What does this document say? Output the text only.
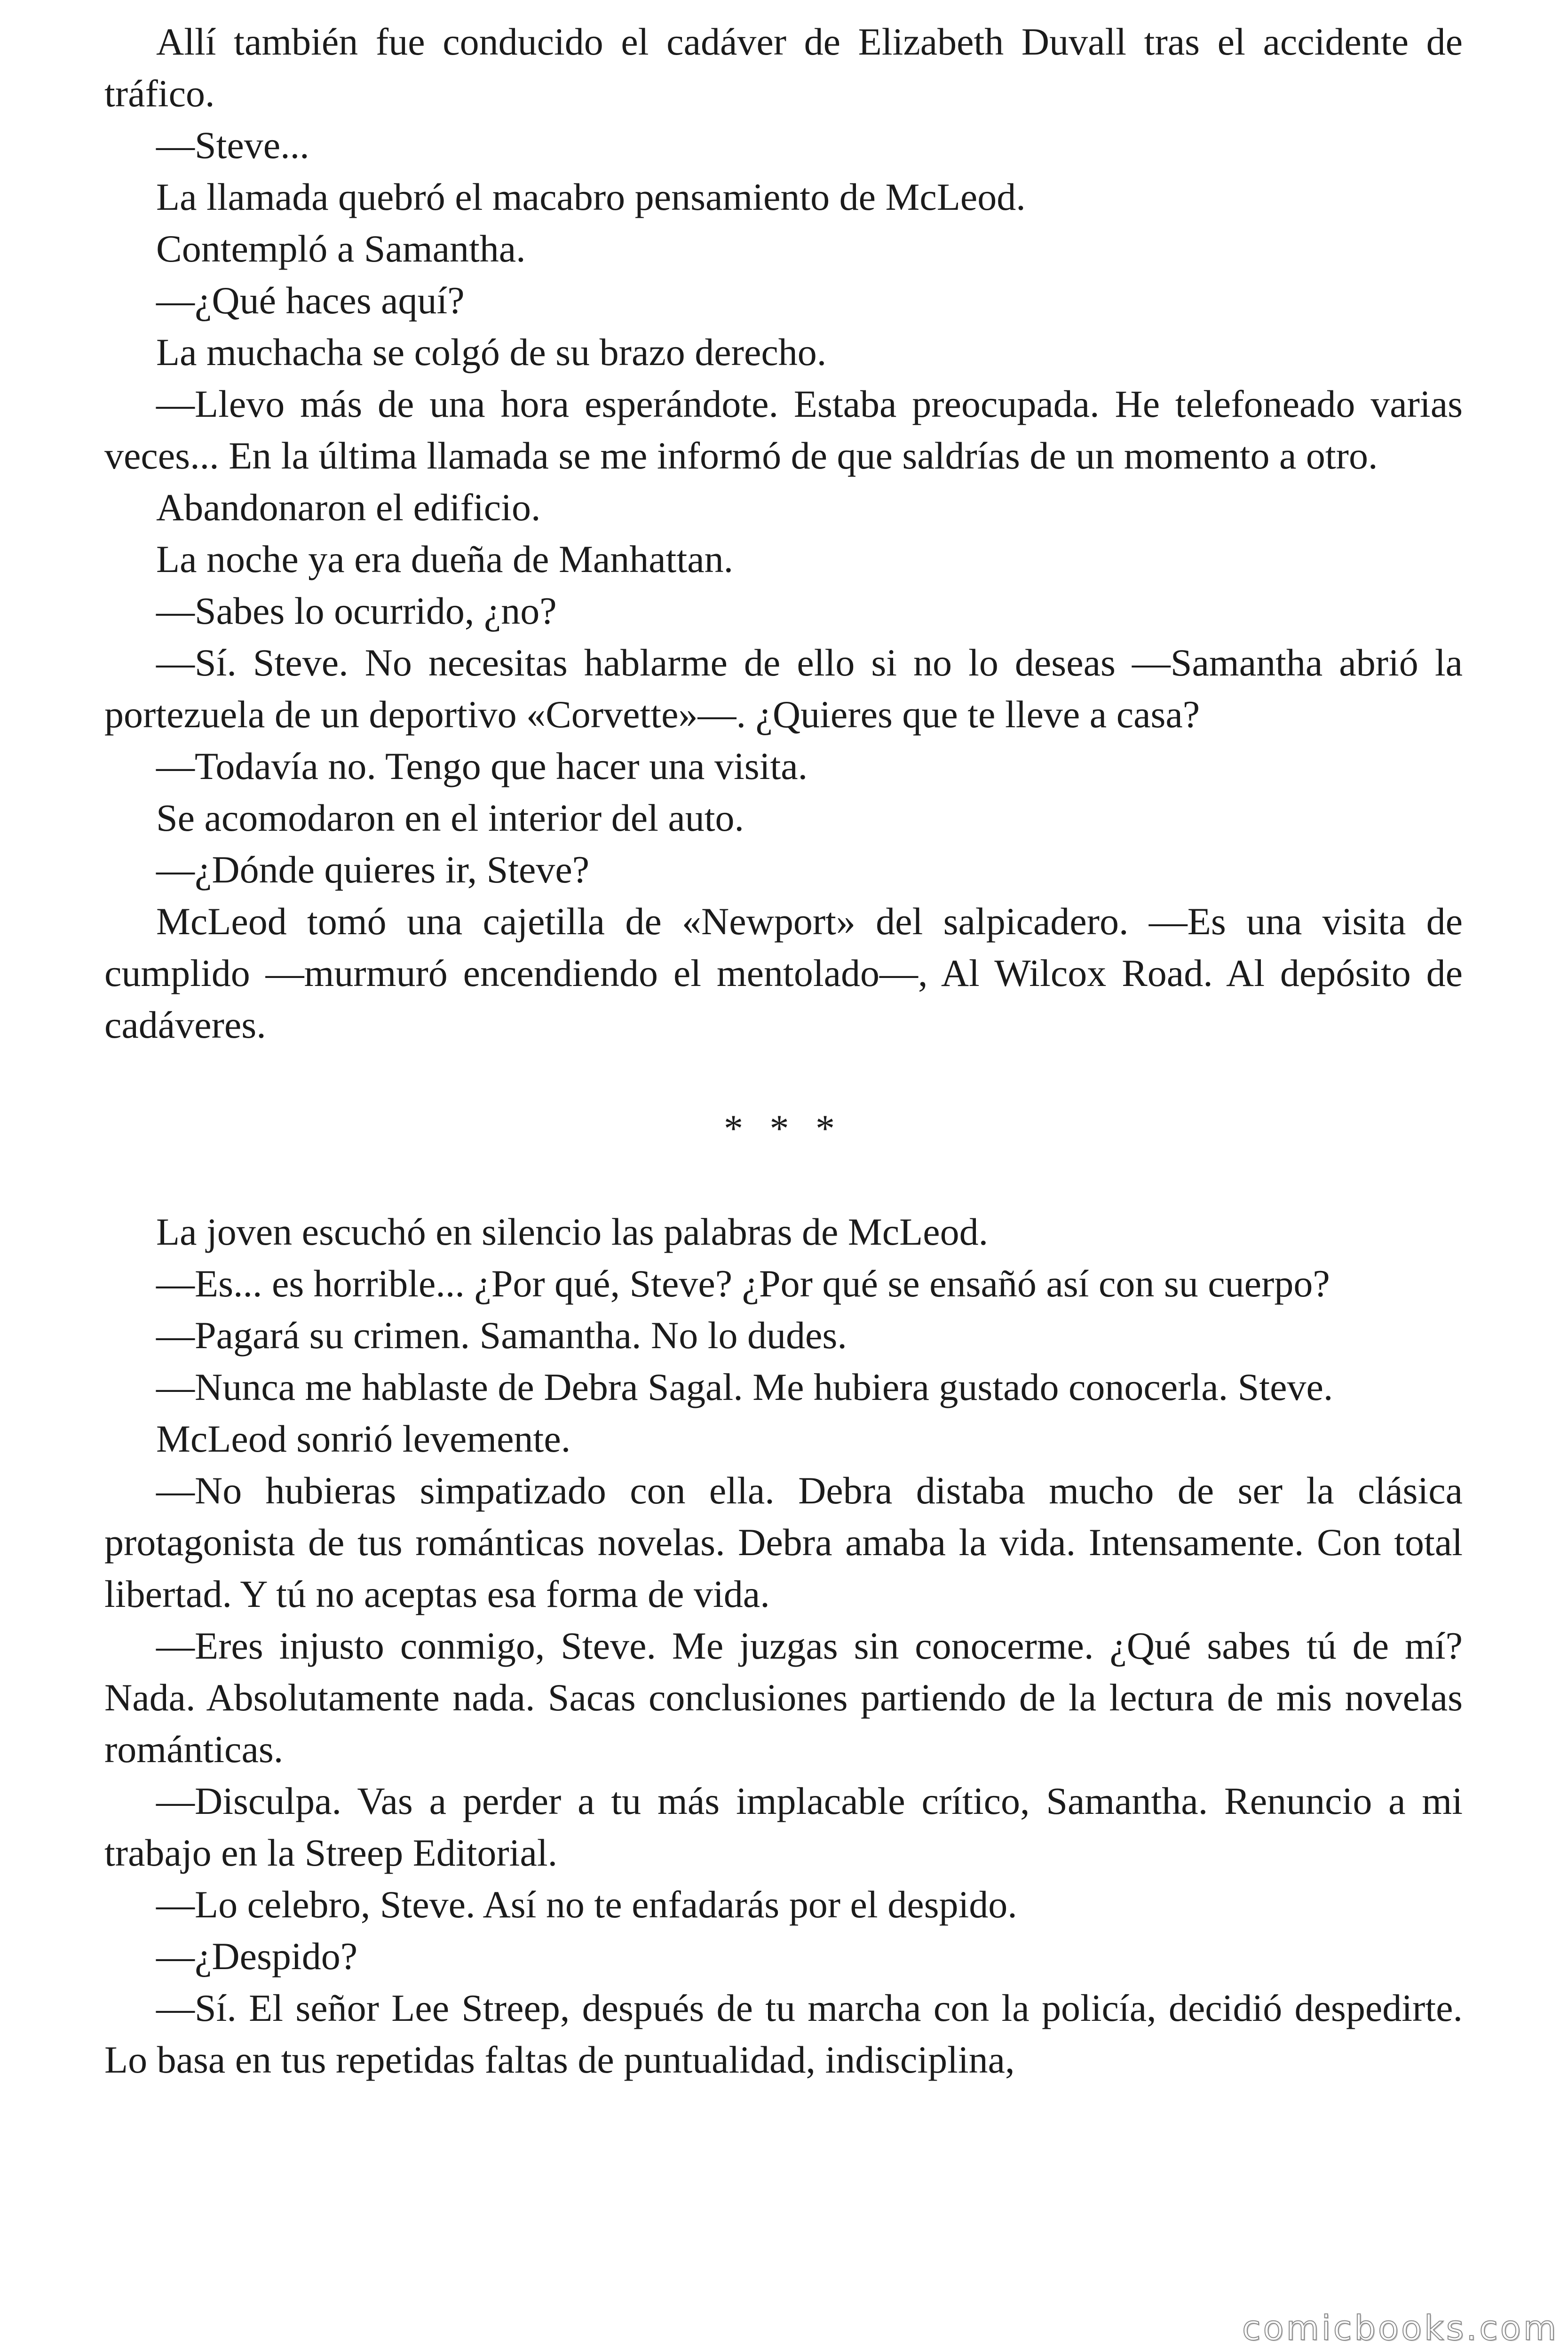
Allí también fue conducido el cadáver de Elizabeth Duvall tras el accidente de tráfico.

—Steve...

La llamada quebró el macabro pensamiento de McLeod.

Contempló a Samantha.

—¿Qué haces aquí?

La muchacha se colgó de su brazo derecho.

—Llevo más de una hora esperándote. Estaba preocupada. He telefoneado varias veces... En la última llamada se me informó de que saldrías de un momento a otro.

Abandonaron el edificio.

La noche ya era dueña de Manhattan.

—Sabes lo ocurrido, ¿no?

—Sí. Steve. No necesitas hablarme de ello si no lo deseas —Samantha abrió la portezuela de un deportivo «Corvette»—. ¿Quieres que te lleve a casa?

—Todavía no. Tengo que hacer una visita.

Se acomodaron en el interior del auto.

—¿Dónde quieres ir, Steve?

McLeod tomó una cajetilla de «Newport» del salpicadero. —Es una visita de cumplido —murmuró encendiendo el mentolado—, Al Wilcox Road. Al depósito de cadáveres.

* * *

La joven escuchó en silencio las palabras de McLeod.

—Es... es horrible... ¿Por qué, Steve? ¿Por qué se ensañó así con su cuerpo?

—Pagará su crimen. Samantha. No lo dudes.

—Nunca me hablaste de Debra Sagal. Me hubiera gustado conocerla. Steve.

McLeod sonrió levemente.

—No hubieras simpatizado con ella. Debra distaba mucho de ser la clásica protagonista de tus románticas novelas. Debra amaba la vida. Intensamente. Con total libertad. Y tú no aceptas esa forma de vida.

—Eres injusto conmigo, Steve. Me juzgas sin conocerme. ¿Qué sabes tú de mí? Nada. Absolutamente nada. Sacas conclusiones partiendo de la lectura de mis novelas románticas.

—Disculpa. Vas a perder a tu más implacable crítico, Samantha. Renuncio a mi trabajo en la Streep Editorial.

—Lo celebro, Steve. Así no te enfadarás por el despido.

—¿Despido?

—Sí. El señor Lee Streep, después de tu marcha con la policía, decidió despedirte. Lo basa en tus repetidas faltas de puntualidad, indisciplina,

comicbooks.com
